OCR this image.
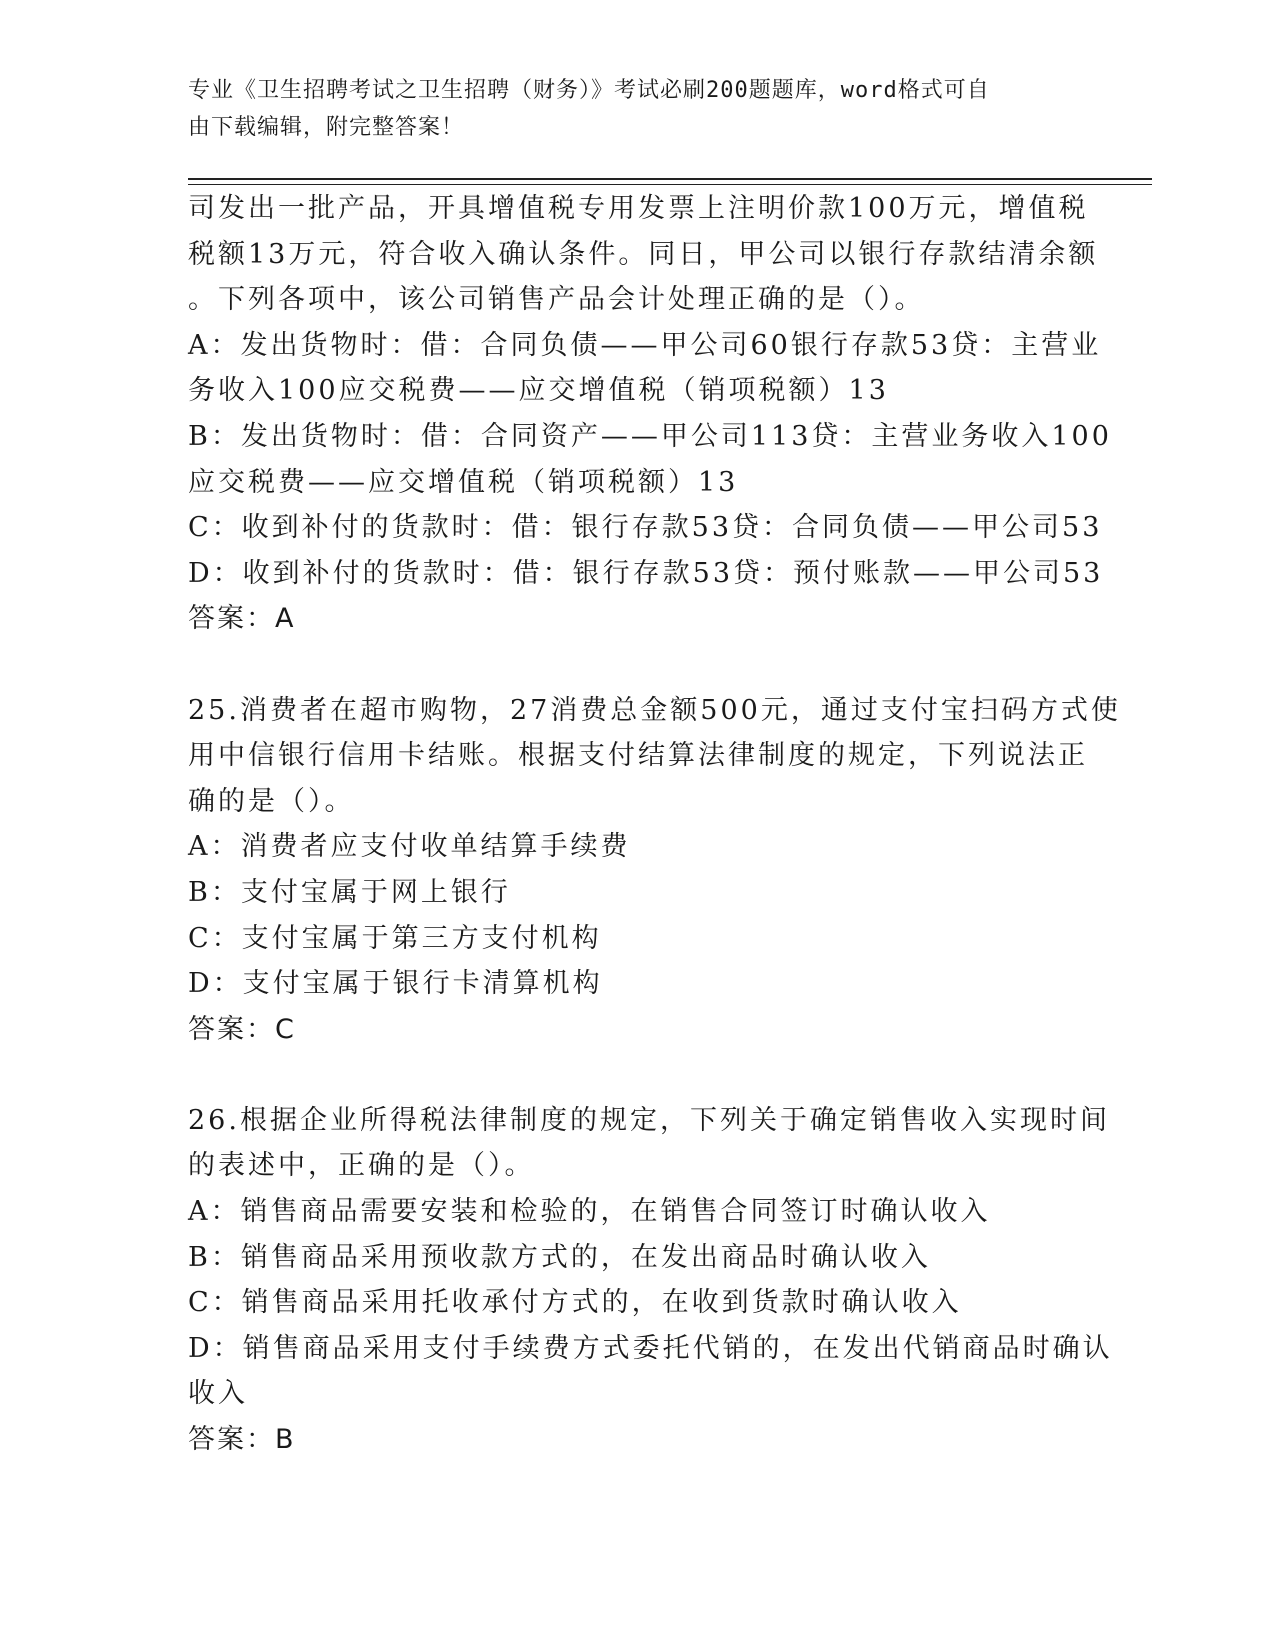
专业《卫生招聘考试之卫生招聘（财务）》考试必刷200题题库，word格式可自
由下载编辑，附完整答案！
司发出一批产品，开具增值税专用发票上注明价款100万元，增值税
税额13万元，符合收入确认条件。同日，甲公司以银行存款结清余额
。下列各项中，该公司销售产品会计处理正确的是（）。
A：发出货物时：借：合同负债——甲公司60银行存款53贷：主营业
务收入100应交税费——应交增值税（销项税额）13
B：发出货物时：借：合同资产——甲公司113贷：主营业务收入100
应交税费——应交增值税（销项税额）13
C：收到补付的货款时：借：银行存款53贷：合同负债——甲公司53
D：收到补付的货款时：借：银行存款53贷：预付账款——甲公司53
答案：A
25.消费者在超市购物，27消费总金额500元，通过支付宝扫码方式使
用中信银行信用卡结账。根据支付结算法律制度的规定，下列说法正
确的是（）。
A：消费者应支付收单结算手续费
B：支付宝属于网上银行
C：支付宝属于第三方支付机构
D：支付宝属于银行卡清算机构
答案：C
26.根据企业所得税法律制度的规定，下列关于确定销售收入实现时间
的表述中，正确的是（）。
A：销售商品需要安装和检验的，在销售合同签订时确认收入
B：销售商品采用预收款方式的，在发出商品时确认收入
C：销售商品采用托收承付方式的，在收到货款时确认收入
D：销售商品采用支付手续费方式委托代销的，在发出代销商品时确认
收入
答案：B
